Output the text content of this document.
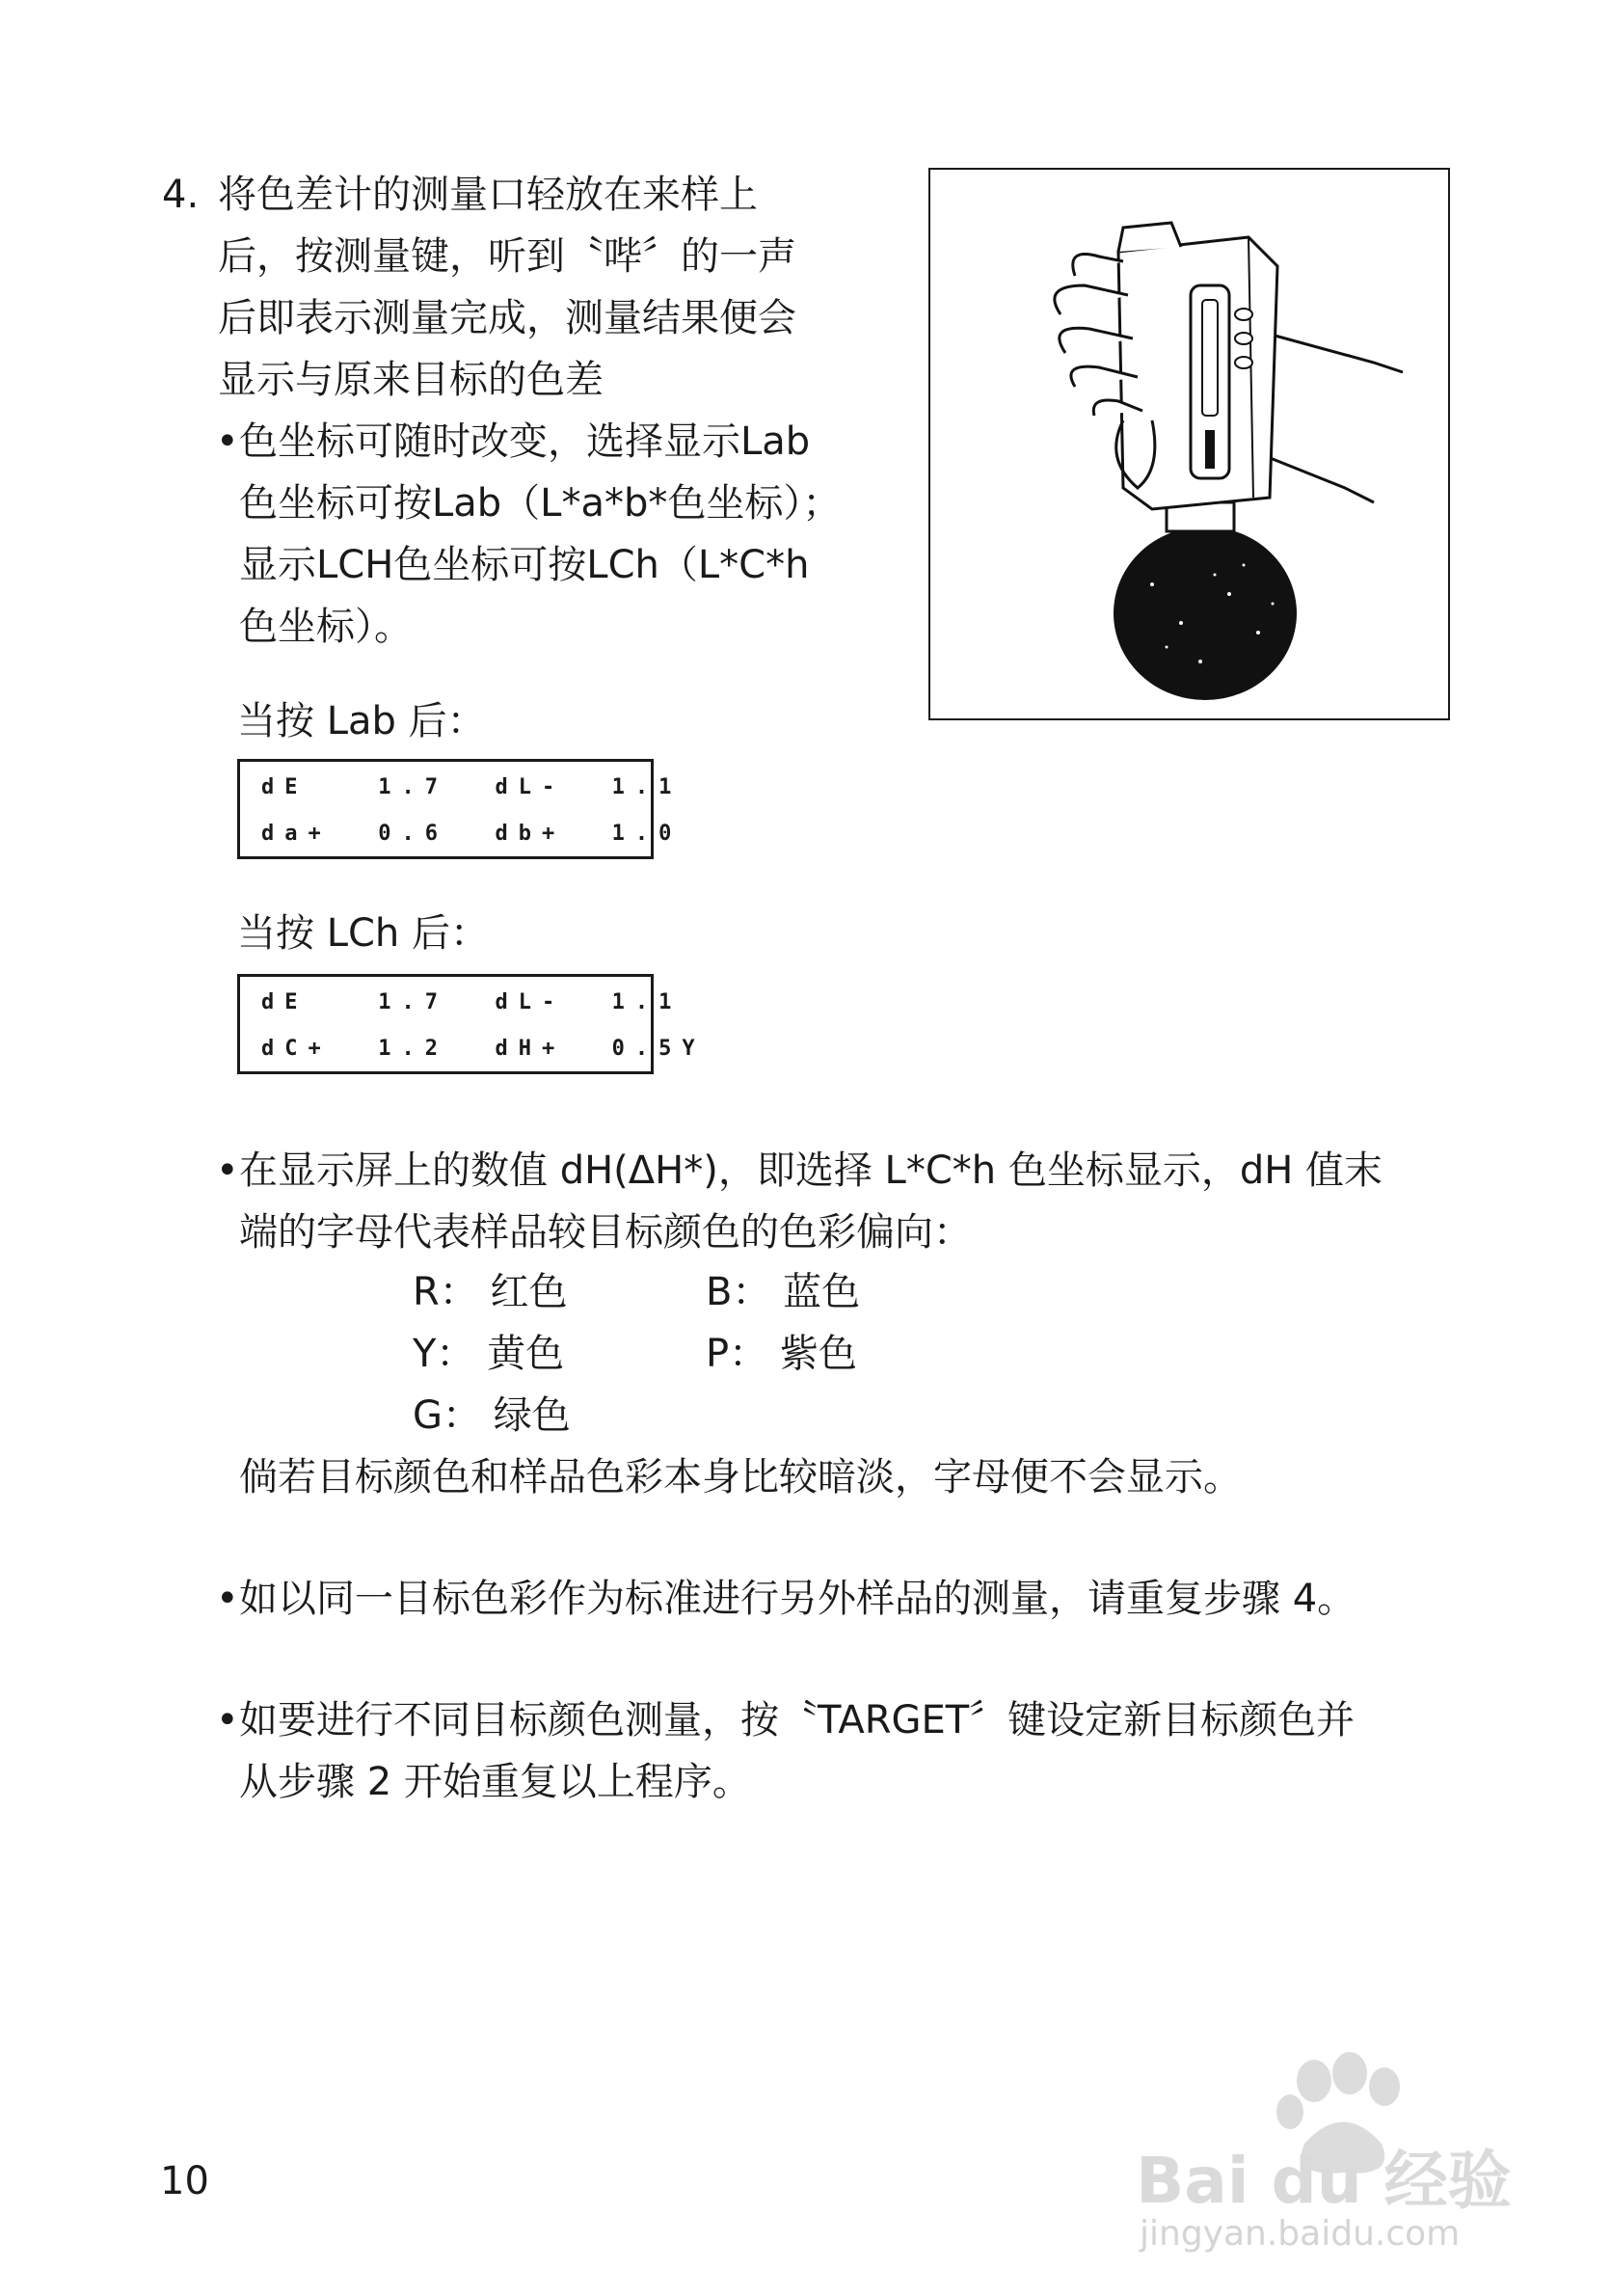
4. 将色差计的测量口轻放在来样上
后，按测量键，听到〝哔〞的一声
后即表示测量完成，测量结果便会
显示与原来目标的色差
• 色坐标可随时改变，选择显示Lab
色坐标可按Lab（L*a*b*色坐标）；
显示LCH色坐标可按LCh（L*C*h
色坐标）。
当按 Lab 后：
dE   1.7  dL-  1.1
da+  0.6  db+  1.0
当按 LCh 后：
dE   1.7  dL-  1.1
dC+  1.2  dH+  0.5Y
• 在显示屏上的数值 dH(ΔH*)，即选择 L*C*h 色坐标显示，dH 值末
端的字母代表样品较目标颜色的色彩偏向：
R： 红色	B： 蓝色
Y： 黄色	P： 紫色
G： 绿色
倘若目标颜色和样品色彩本身比较暗淡，字母便不会显示。
• 如以同一目标色彩作为标准进行另外样品的测量，请重复步骤 4。
• 如要进行不同目标颜色测量，按〝TARGET〞键设定新目标颜色并
从步骤 2 开始重复以上程序。
10	Bai du 经验
jingyan.baidu.com
